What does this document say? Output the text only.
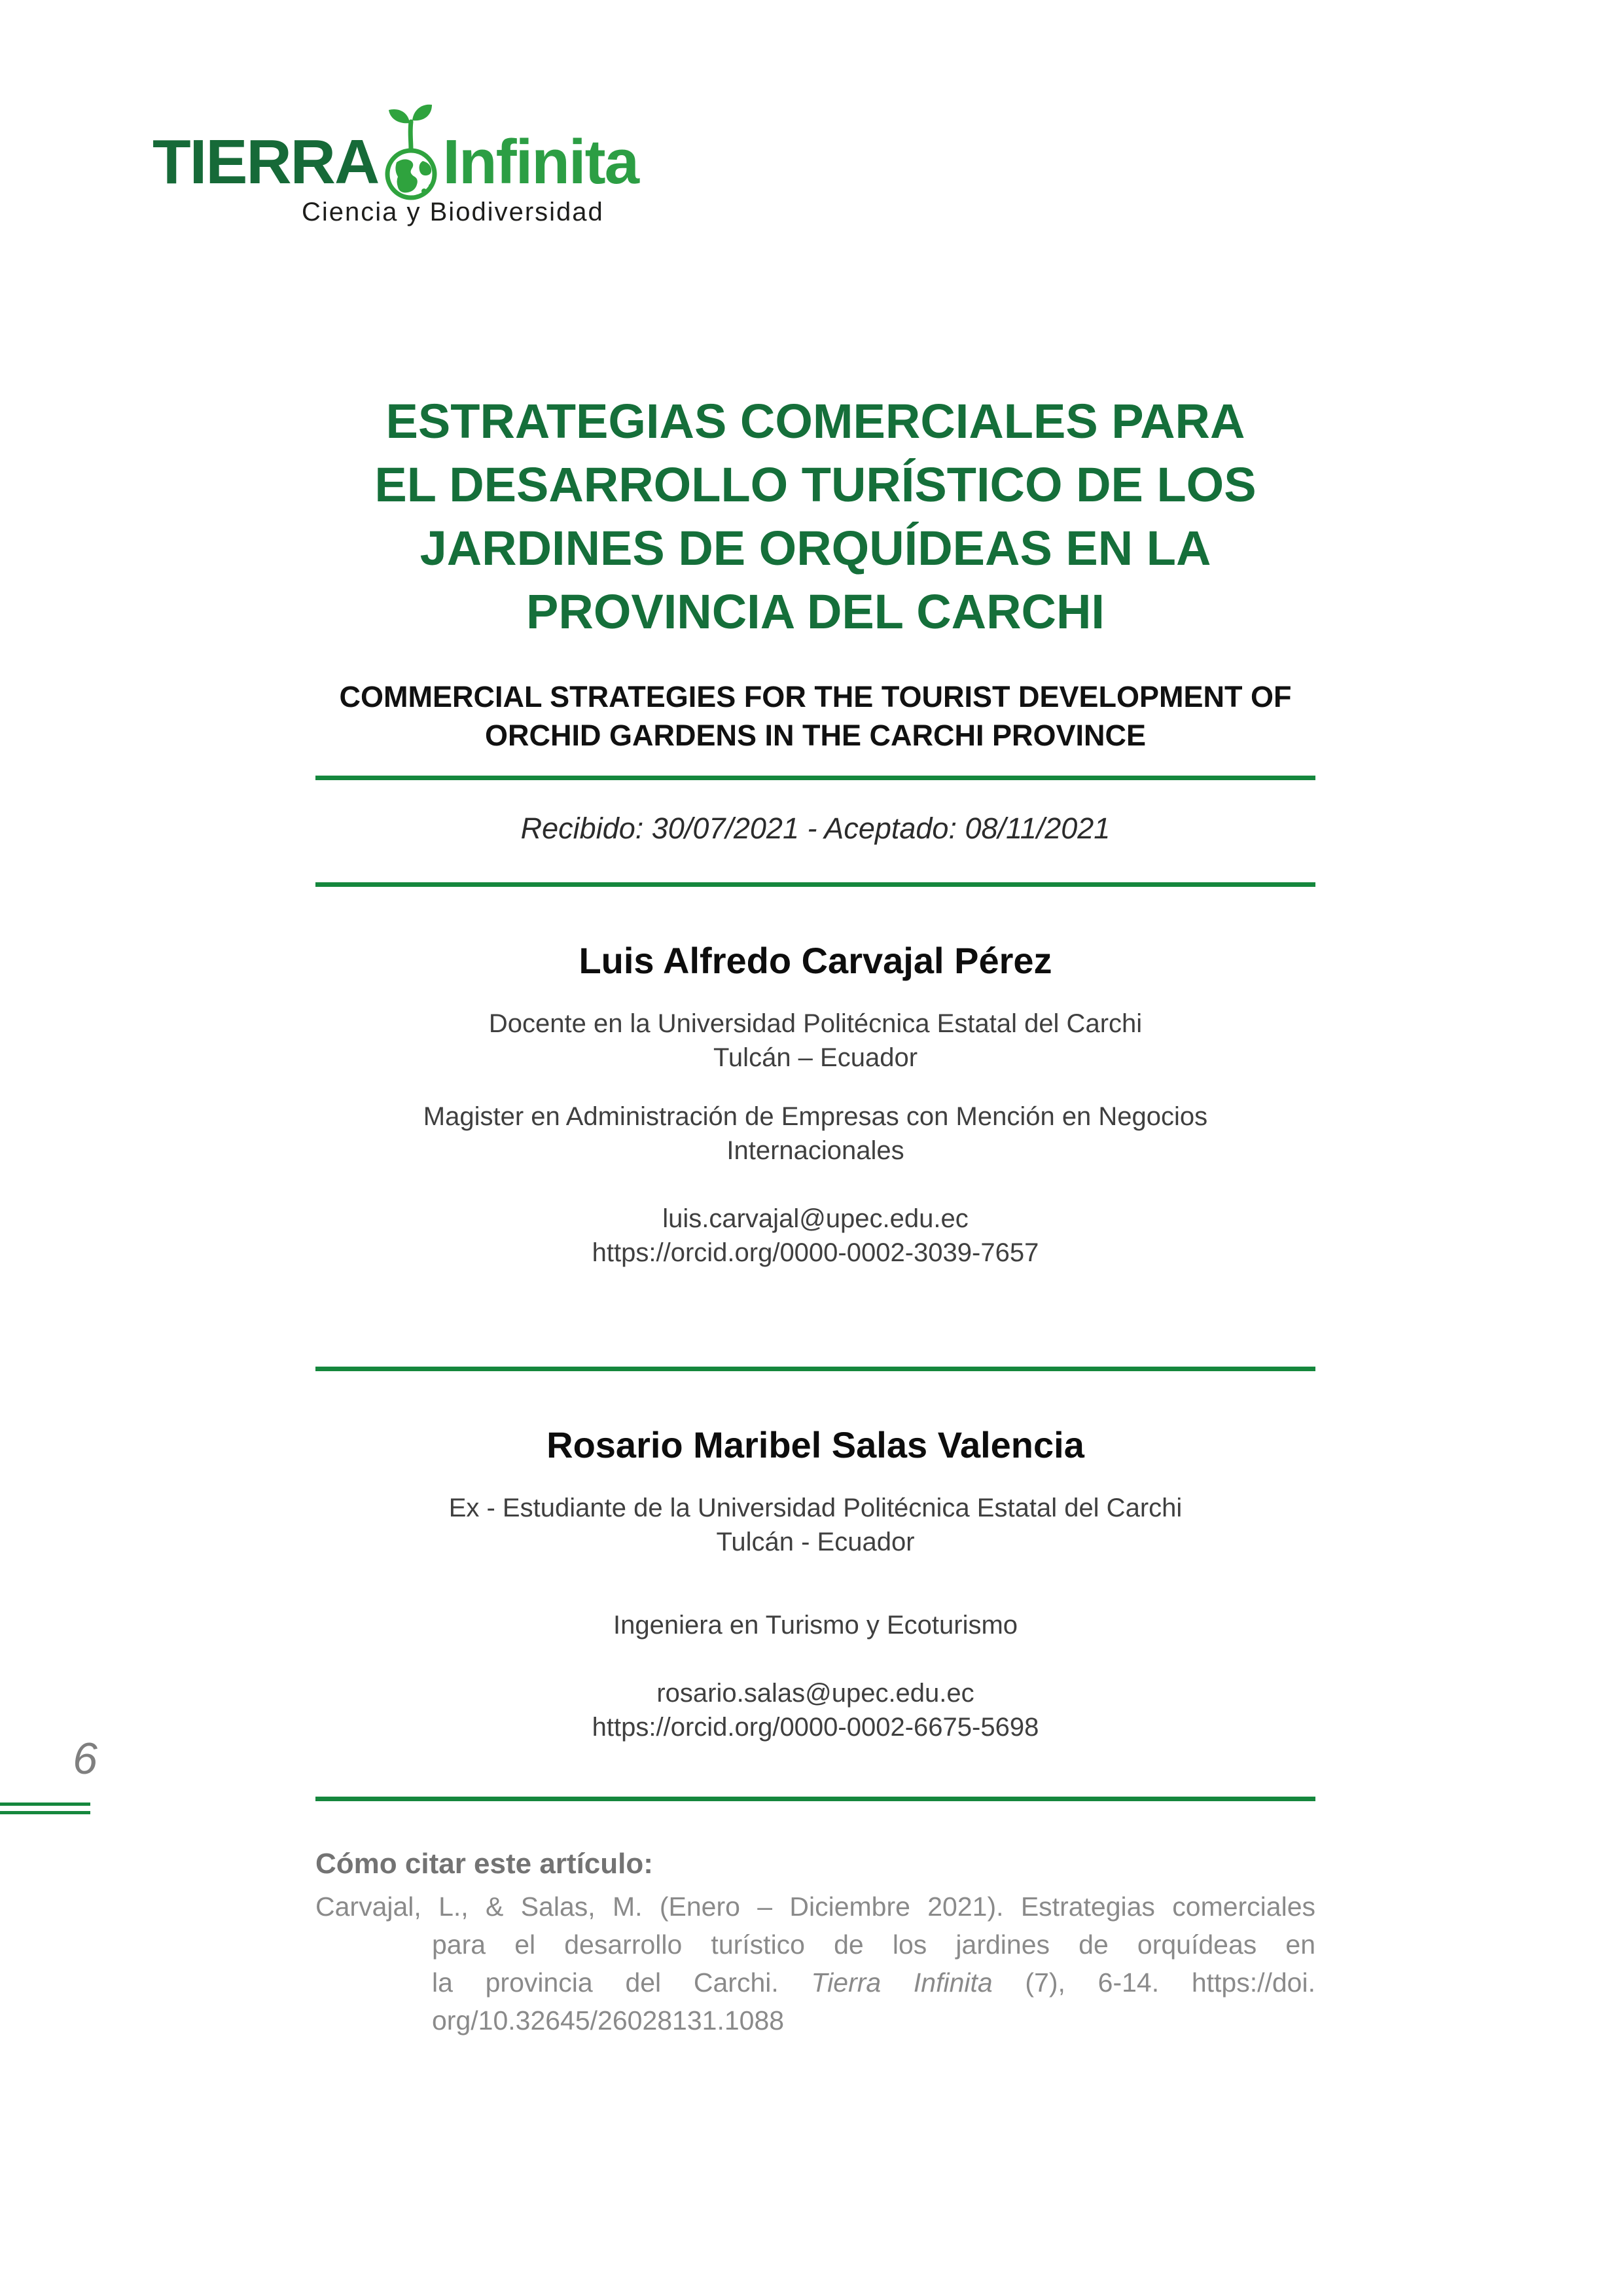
TIERRA Infinita
Ciencia y Biodiversidad
ESTRATEGIAS COMERCIALES PARA
EL DESARROLLO TURÍSTICO DE LOS
JARDINES DE ORQUÍDEAS EN LA
PROVINCIA DEL CARCHI
COMMERCIAL STRATEGIES FOR THE TOURIST DEVELOPMENT OF
ORCHID GARDENS IN THE CARCHI PROVINCE
Recibido: 30/07/2021 - Aceptado: 08/11/2021
Luis Alfredo Carvajal Pérez
Docente en la Universidad Politécnica Estatal del Carchi
Tulcán – Ecuador
Magister en Administración de Empresas con Mención en Negocios
Internacionales
luis.carvajal@upec.edu.ec
https://orcid.org/0000-0002-3039-7657
Rosario Maribel Salas Valencia
Ex - Estudiante de la Universidad Politécnica Estatal del Carchi
Tulcán - Ecuador
Ingeniera en Turismo y Ecoturismo
rosario.salas@upec.edu.ec
https://orcid.org/0000-0002-6675-5698
Cómo citar este artículo:
Carvajal, L., & Salas, M. (Enero – Diciembre 2021). Estrategias comerciales
para el desarrollo turístico de los jardines de orquídeas en
la provincia del Carchi. Tierra Infinita (7), 6-14. https://doi.
org/10.32645/26028131.1088
6
